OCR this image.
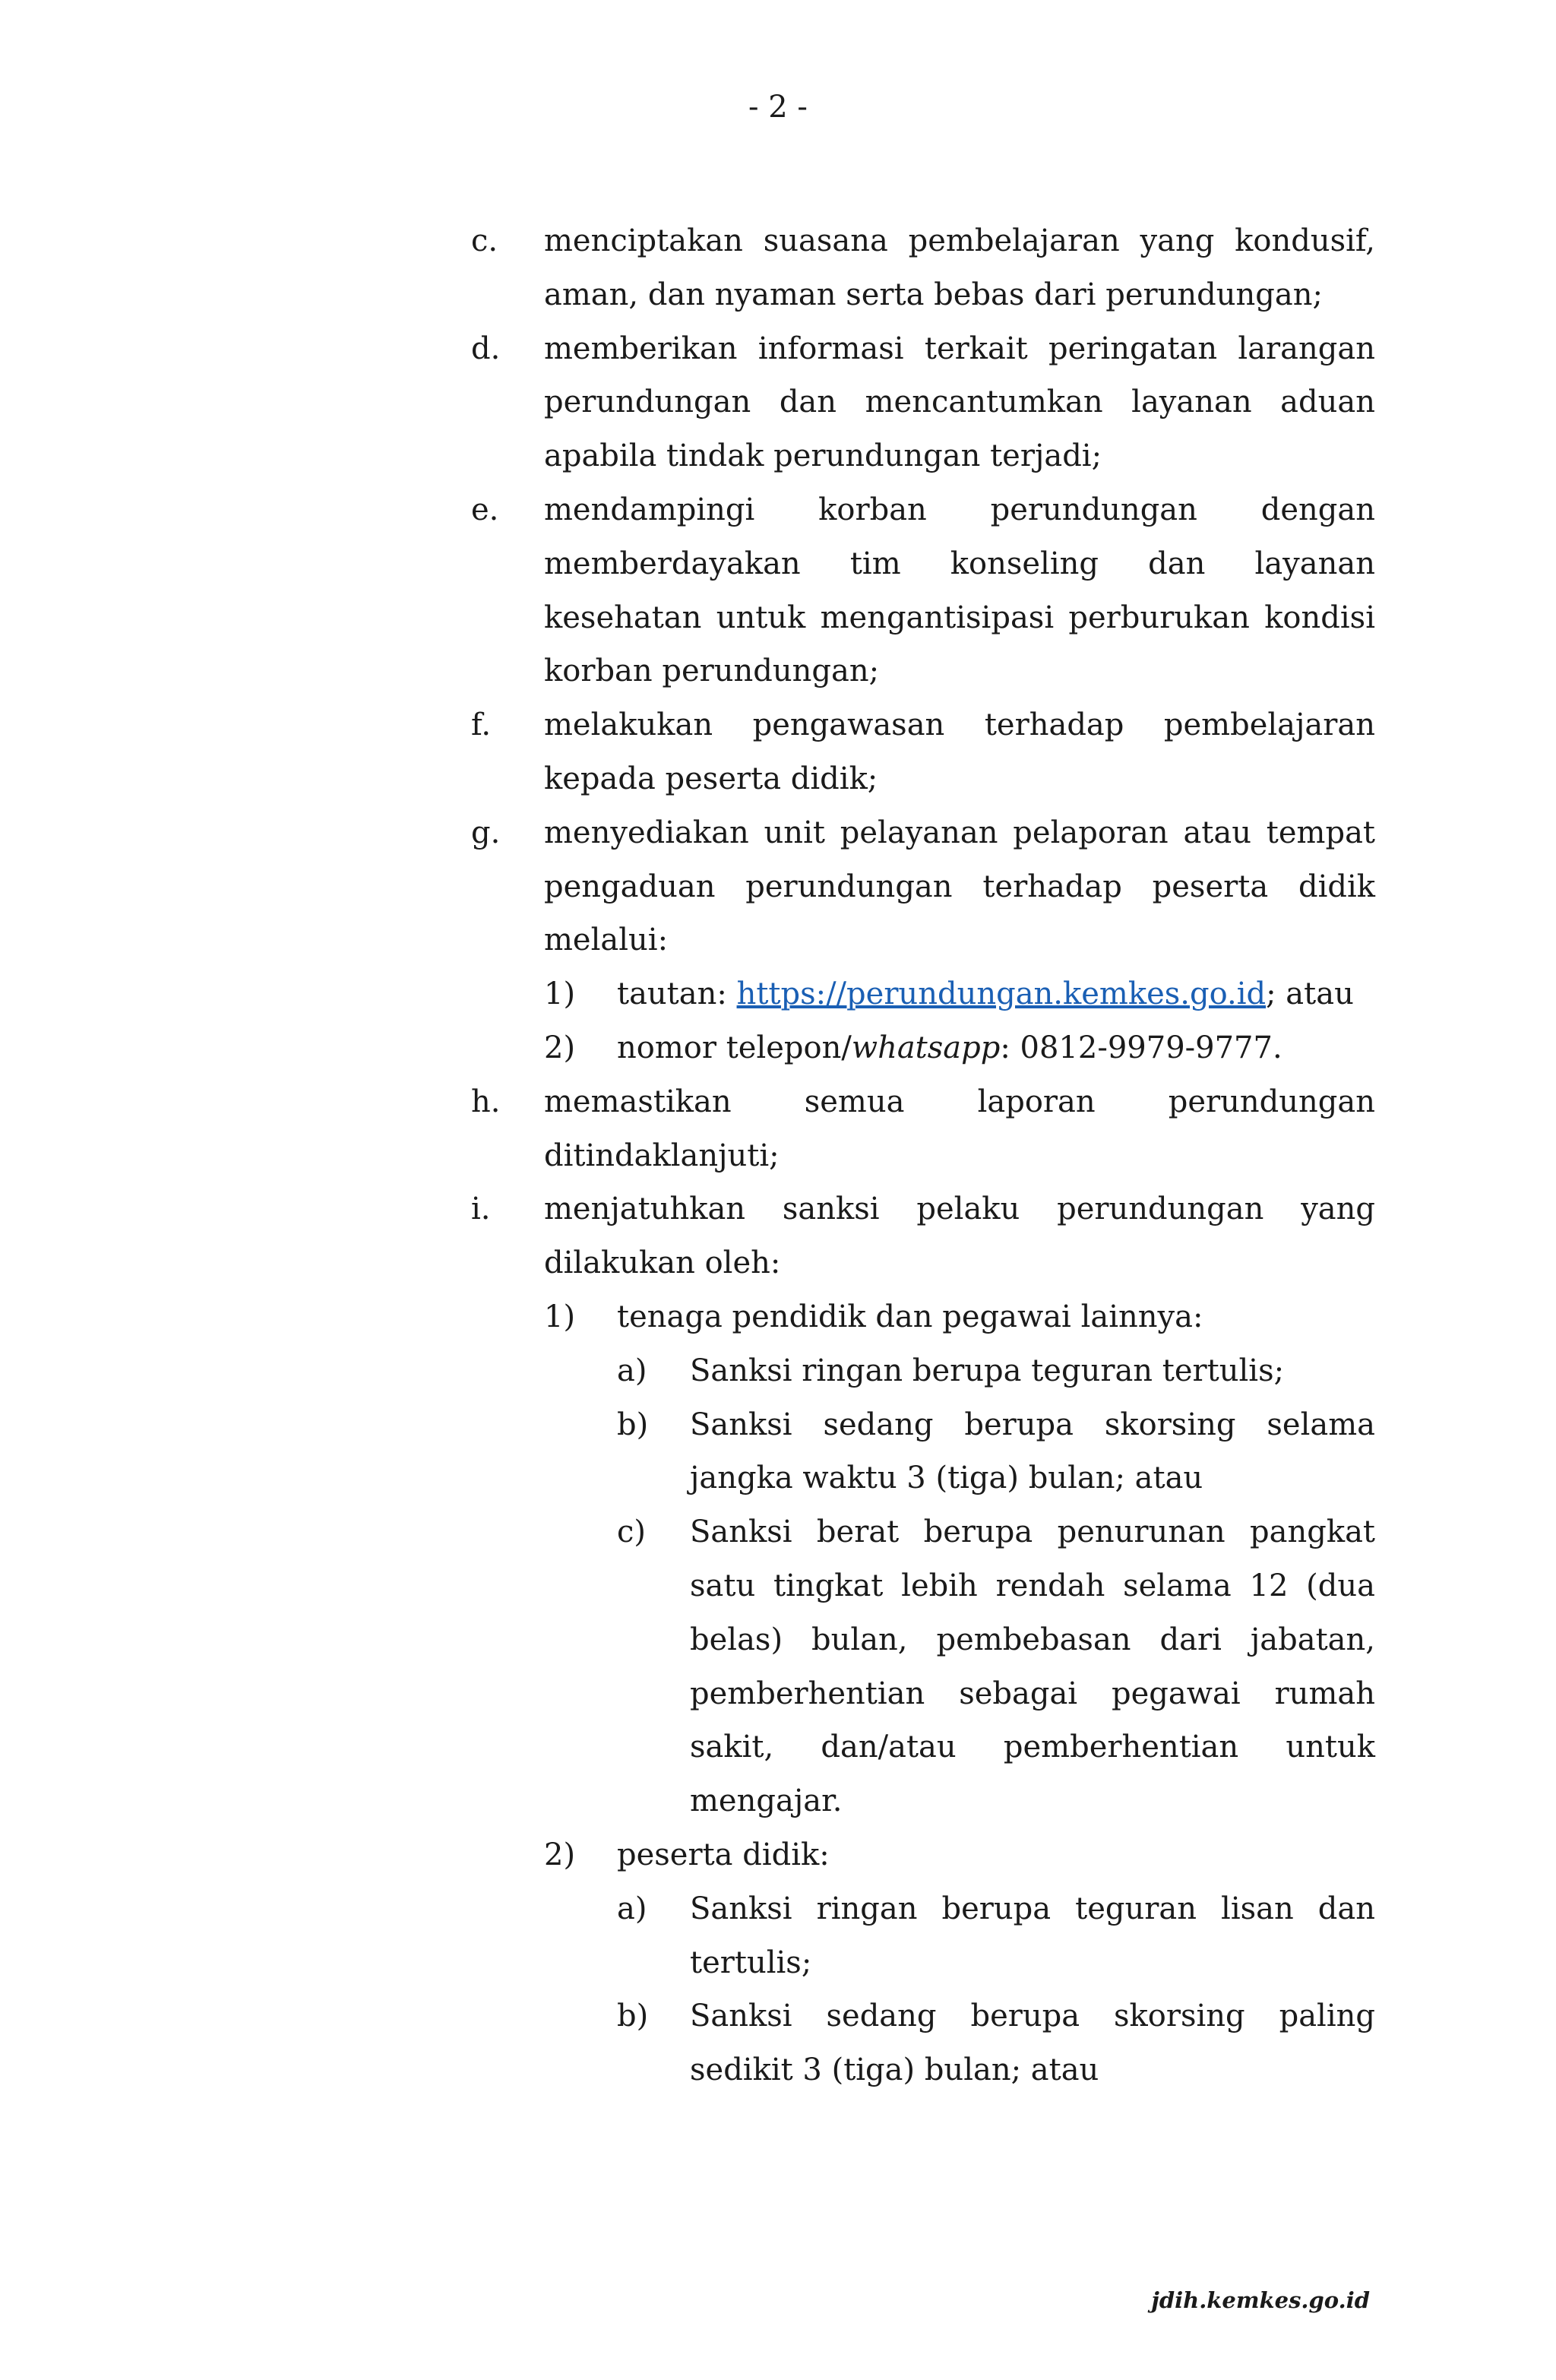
- 2 -
c.	menciptakan suasana pembelajaran yang kondusif, aman, dan nyaman serta bebas dari perundungan;
d.	memberikan informasi terkait peringatan larangan perundungan dan mencantumkan layanan aduan apabila tindak perundungan terjadi;
e.	mendampingi korban perundungan dengan memberdayakan tim konseling dan layanan kesehatan untuk mengantisipasi perburukan kondisi korban perundungan;
f.	melakukan pengawasan terhadap pembelajaran kepada peserta didik;
g.	menyediakan unit pelayanan pelaporan atau tempat pengaduan perundungan terhadap peserta didik melalui:
1)	tautan: https://perundungan.kemkes.go.id; atau
2)	nomor telepon/whatsapp: 0812-9979-9777.
h.	memastikan semua laporan perundungan ditindaklanjuti;
i.	menjatuhkan sanksi pelaku perundungan yang dilakukan oleh:
1)	tenaga pendidik dan pegawai lainnya:
a)	Sanksi ringan berupa teguran tertulis;
b)	Sanksi sedang berupa skorsing selama jangka waktu 3 (tiga) bulan; atau
c)	Sanksi berat berupa penurunan pangkat satu tingkat lebih rendah selama 12 (dua belas) bulan, pembebasan dari jabatan, pemberhentian sebagai pegawai rumah sakit, dan/atau pemberhentian untuk mengajar.
2)	peserta didik:
a)	Sanksi ringan berupa teguran lisan dan tertulis;
b)	Sanksi sedang berupa skorsing paling sedikit 3 (tiga) bulan; atau
jdih.kemkes.go.id
